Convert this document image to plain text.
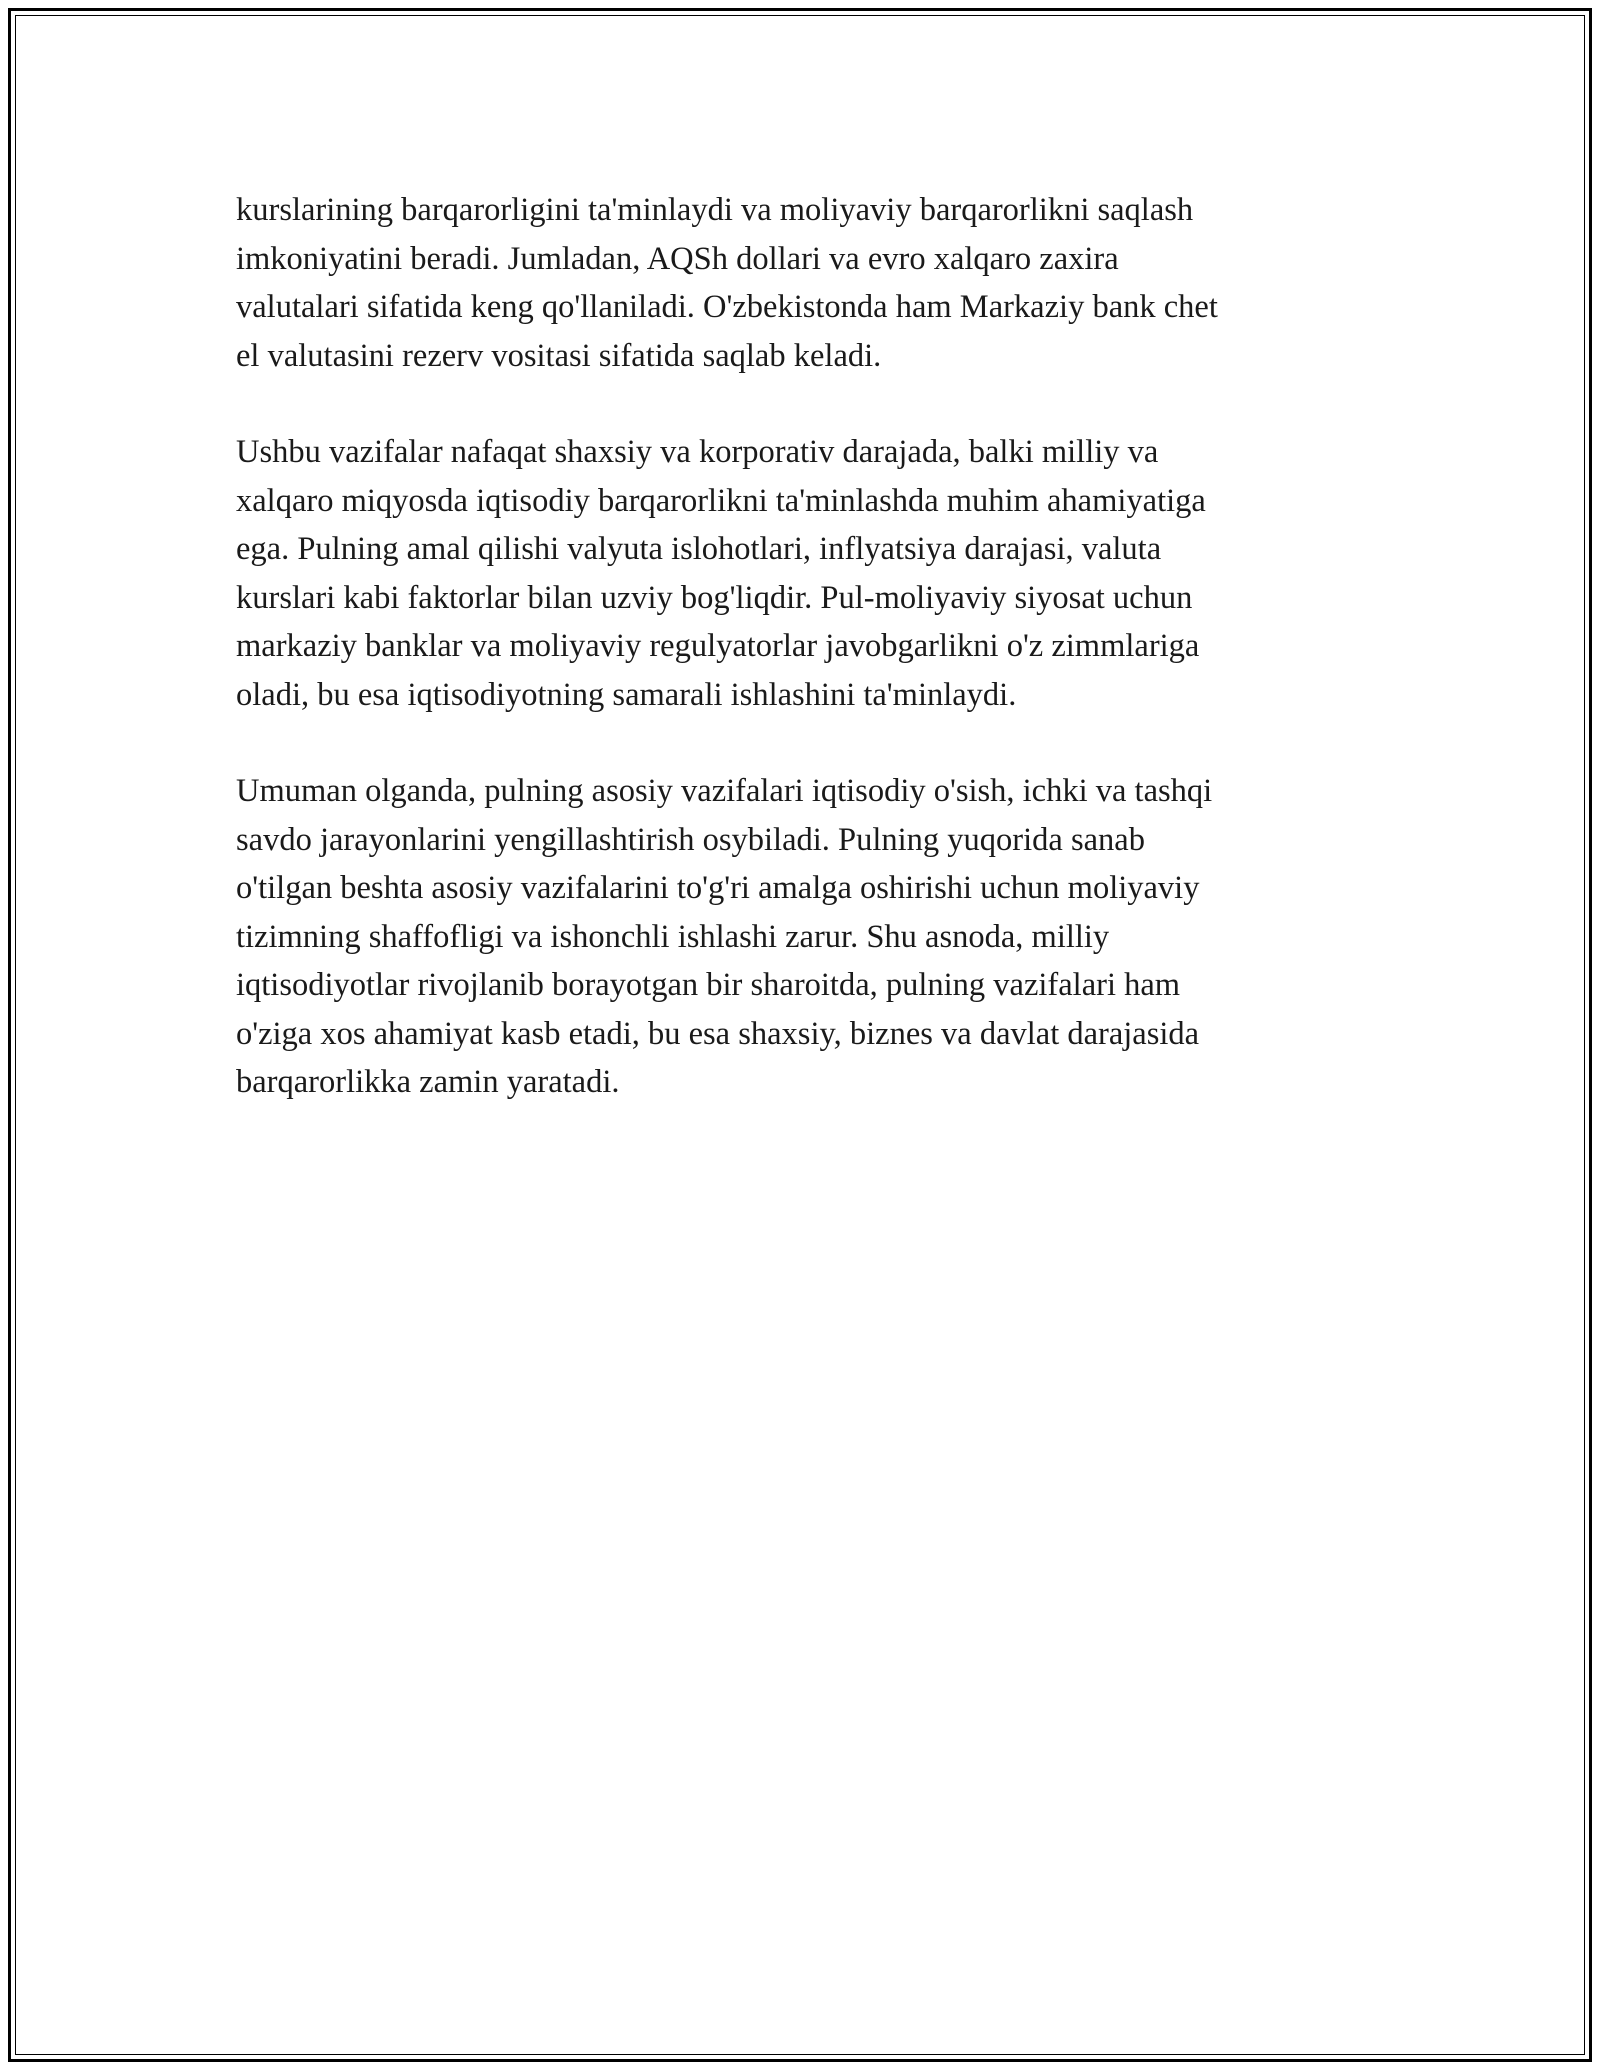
kurslarining barqarorligini ta'minlaydi va moliyaviy barqarorlikni saqlash
imkoniyatini beradi. Jumladan, AQSh dollari va evro xalqaro zaxira
valutalari sifatida keng qo'llaniladi. O'zbekistonda ham Markaziy bank chet
el valutasini rezerv vositasi sifatida saqlab keladi.

Ushbu vazifalar nafaqat shaxsiy va korporativ darajada, balki milliy va
xalqaro miqyosda iqtisodiy barqarorlikni ta'minlashda muhim ahamiyatiga
ega. Pulning amal qilishi valyuta islohotlari, inflyatsiya darajasi, valuta
kurslari kabi faktorlar bilan uzviy bog'liqdir. Pul-moliyaviy siyosat uchun
markaziy banklar va moliyaviy regulyatorlar javobgarlikni o'z zimmlariga
oladi, bu esa iqtisodiyotning samarali ishlashini ta'minlaydi.

Umuman olganda, pulning asosiy vazifalari iqtisodiy o'sish, ichki va tashqi
savdo jarayonlarini yengillashtirish osybiladi. Pulning yuqorida sanab
o'tilgan beshta asosiy vazifalarini to'g'ri amalga oshirishi uchun moliyaviy
tizimning shaffofligi va ishonchli ishlashi zarur. Shu asnoda, milliy
iqtisodiyotlar rivojlanib borayotgan bir sharoitda, pulning vazifalari ham
o'ziga xos ahamiyat kasb etadi, bu esa shaxsiy, biznes va davlat darajasida
barqarorlikka zamin yaratadi.
